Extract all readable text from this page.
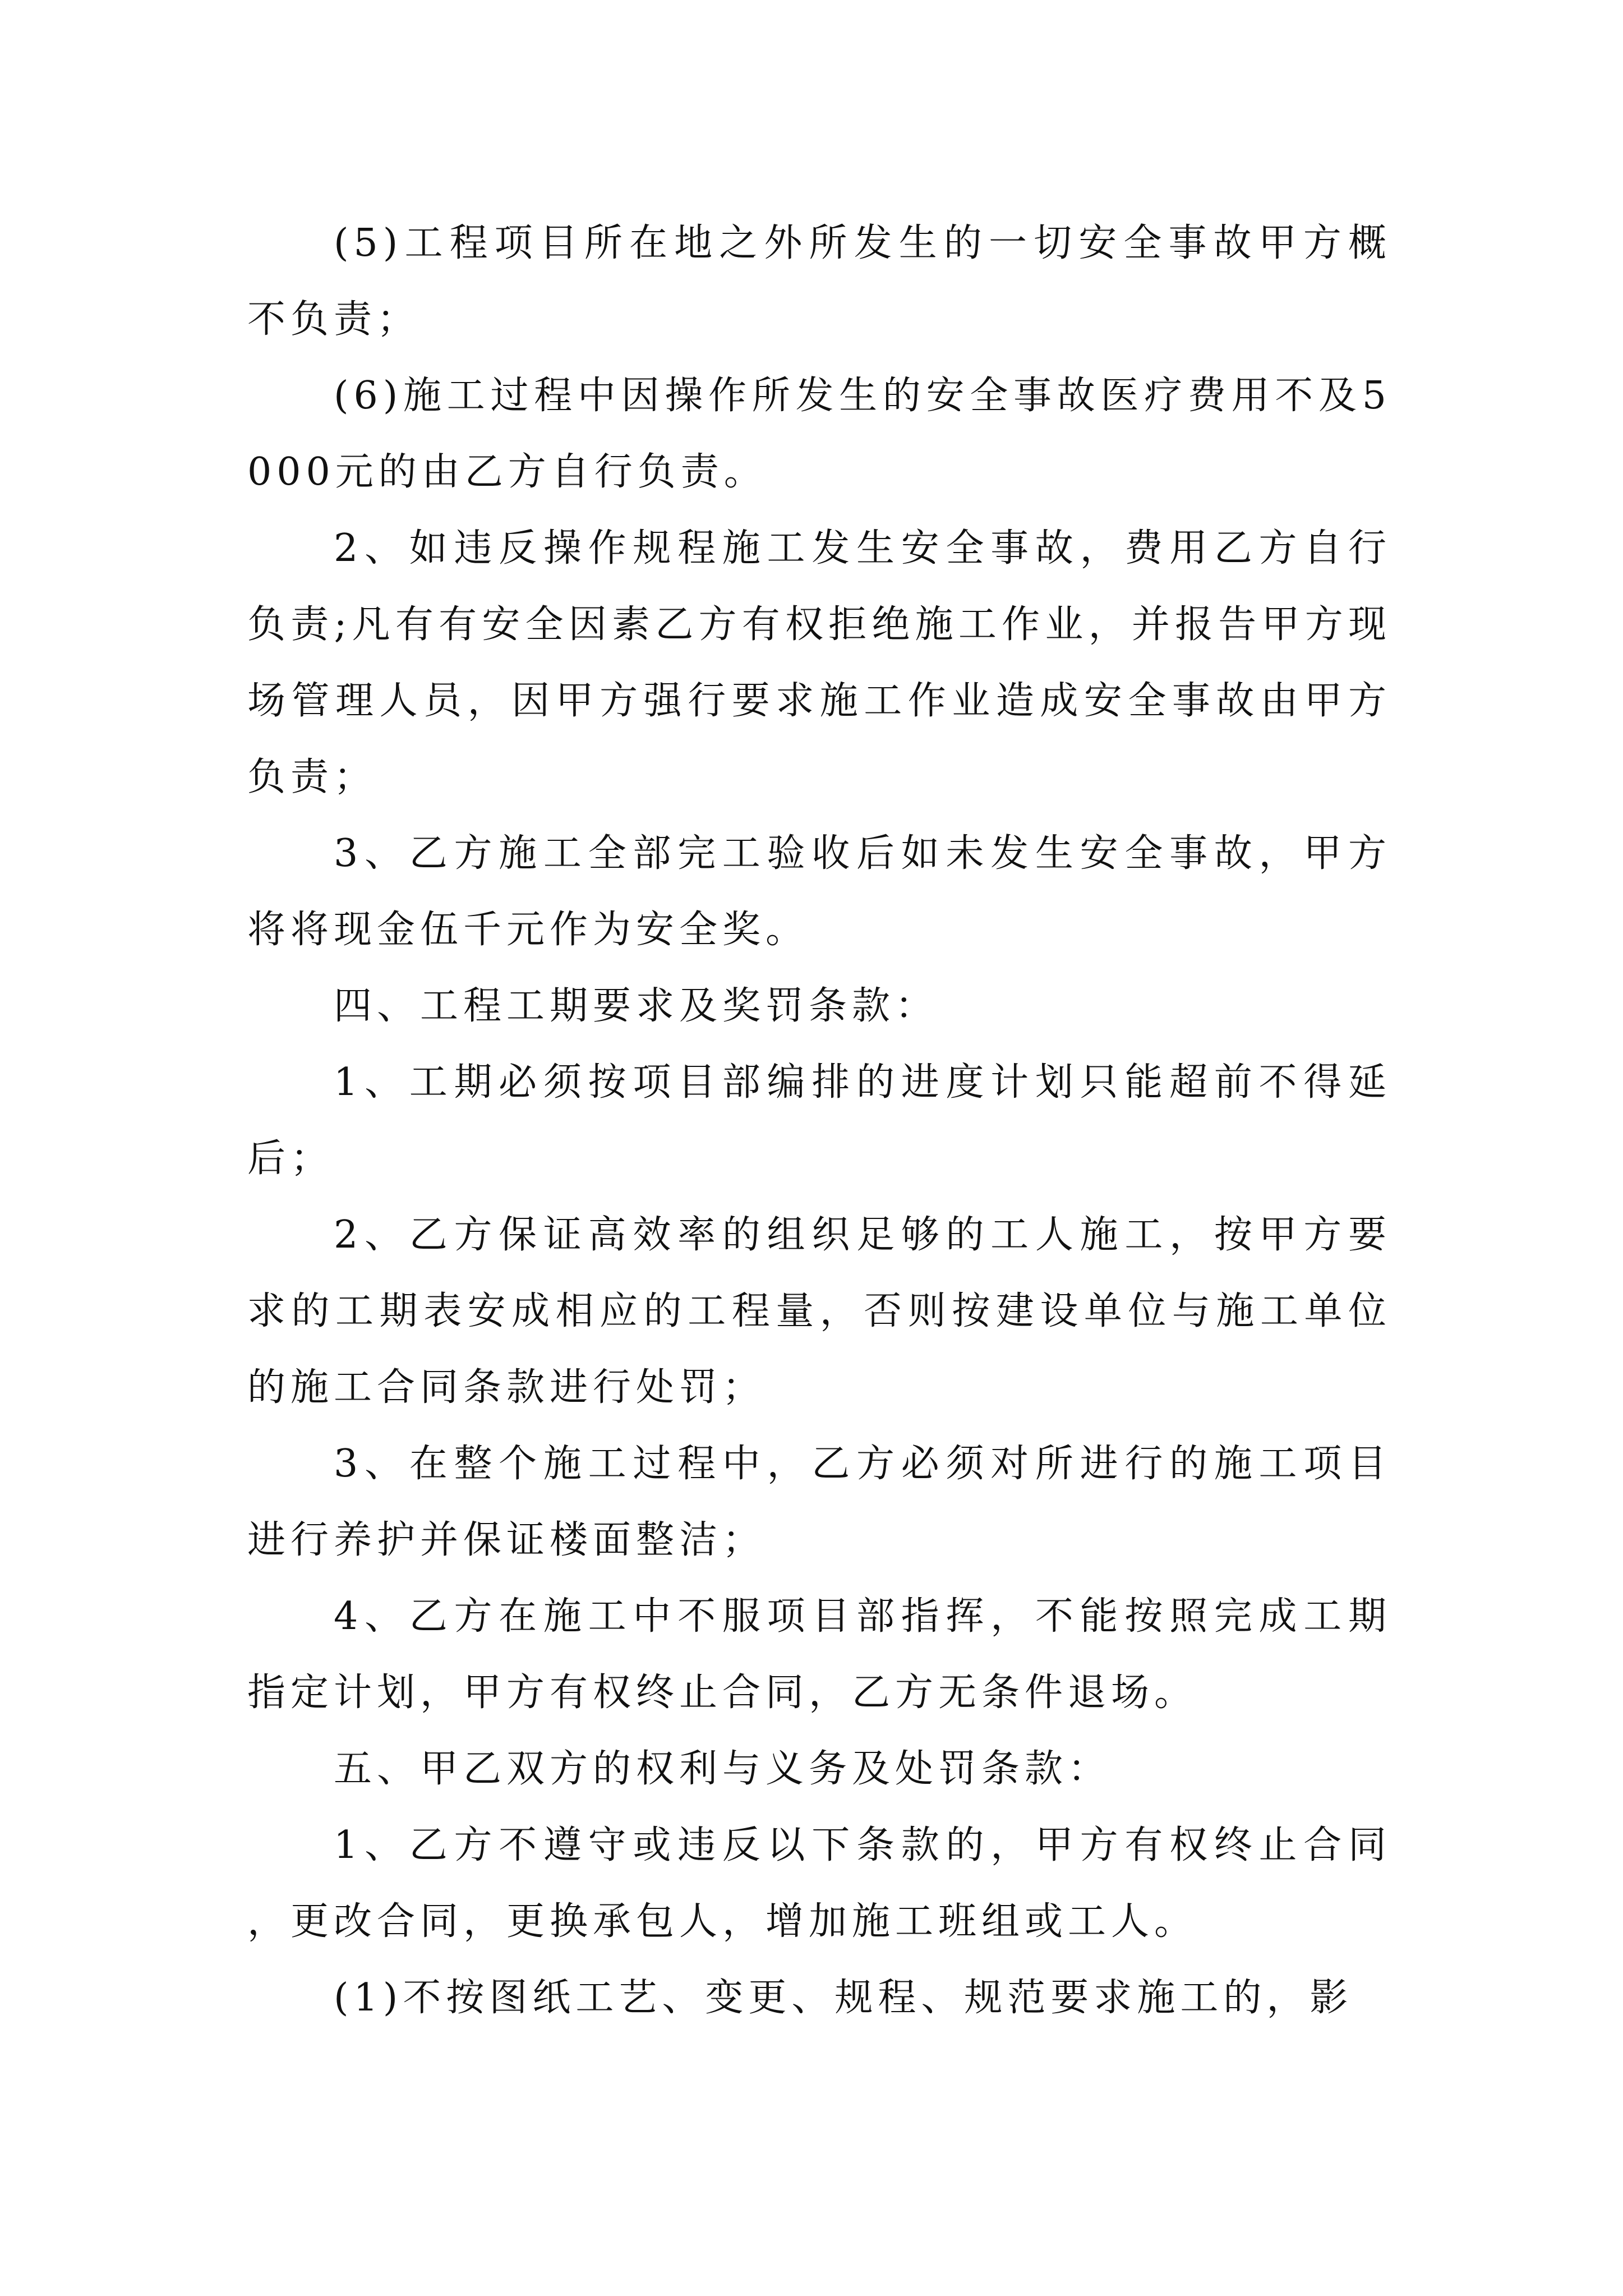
(5)工程项目所在地之外所发生的一切安全事故甲方概不负责；

(6)施工过程中因操作所发生的安全事故医疗费用不及5000元的由乙方自行负责。

2、如违反操作规程施工发生安全事故，费用乙方自行负责;凡有有安全因素乙方有权拒绝施工作业，并报告甲方现场管理人员，因甲方强行要求施工作业造成安全事故由甲方负责；

3、乙方施工全部完工验收后如未发生安全事故，甲方将将现金伍千元作为安全奖。

四、工程工期要求及奖罚条款：

1、工期必须按项目部编排的进度计划只能超前不得延后；

2、乙方保证高效率的组织足够的工人施工，按甲方要求的工期表安成相应的工程量，否则按建设单位与施工单位的施工合同条款进行处罚；

3、在整个施工过程中，乙方必须对所进行的施工项目进行养护并保证楼面整洁；

4、乙方在施工中不服项目部指挥，不能按照完成工期指定计划，甲方有权终止合同，乙方无条件退场。

五、甲乙双方的权利与义务及处罚条款：

1、乙方不遵守或违反以下条款的，甲方有权终止合同，更改合同，更换承包人，增加施工班组或工人。

(1)不按图纸工艺、变更、规程、规范要求施工的，影
